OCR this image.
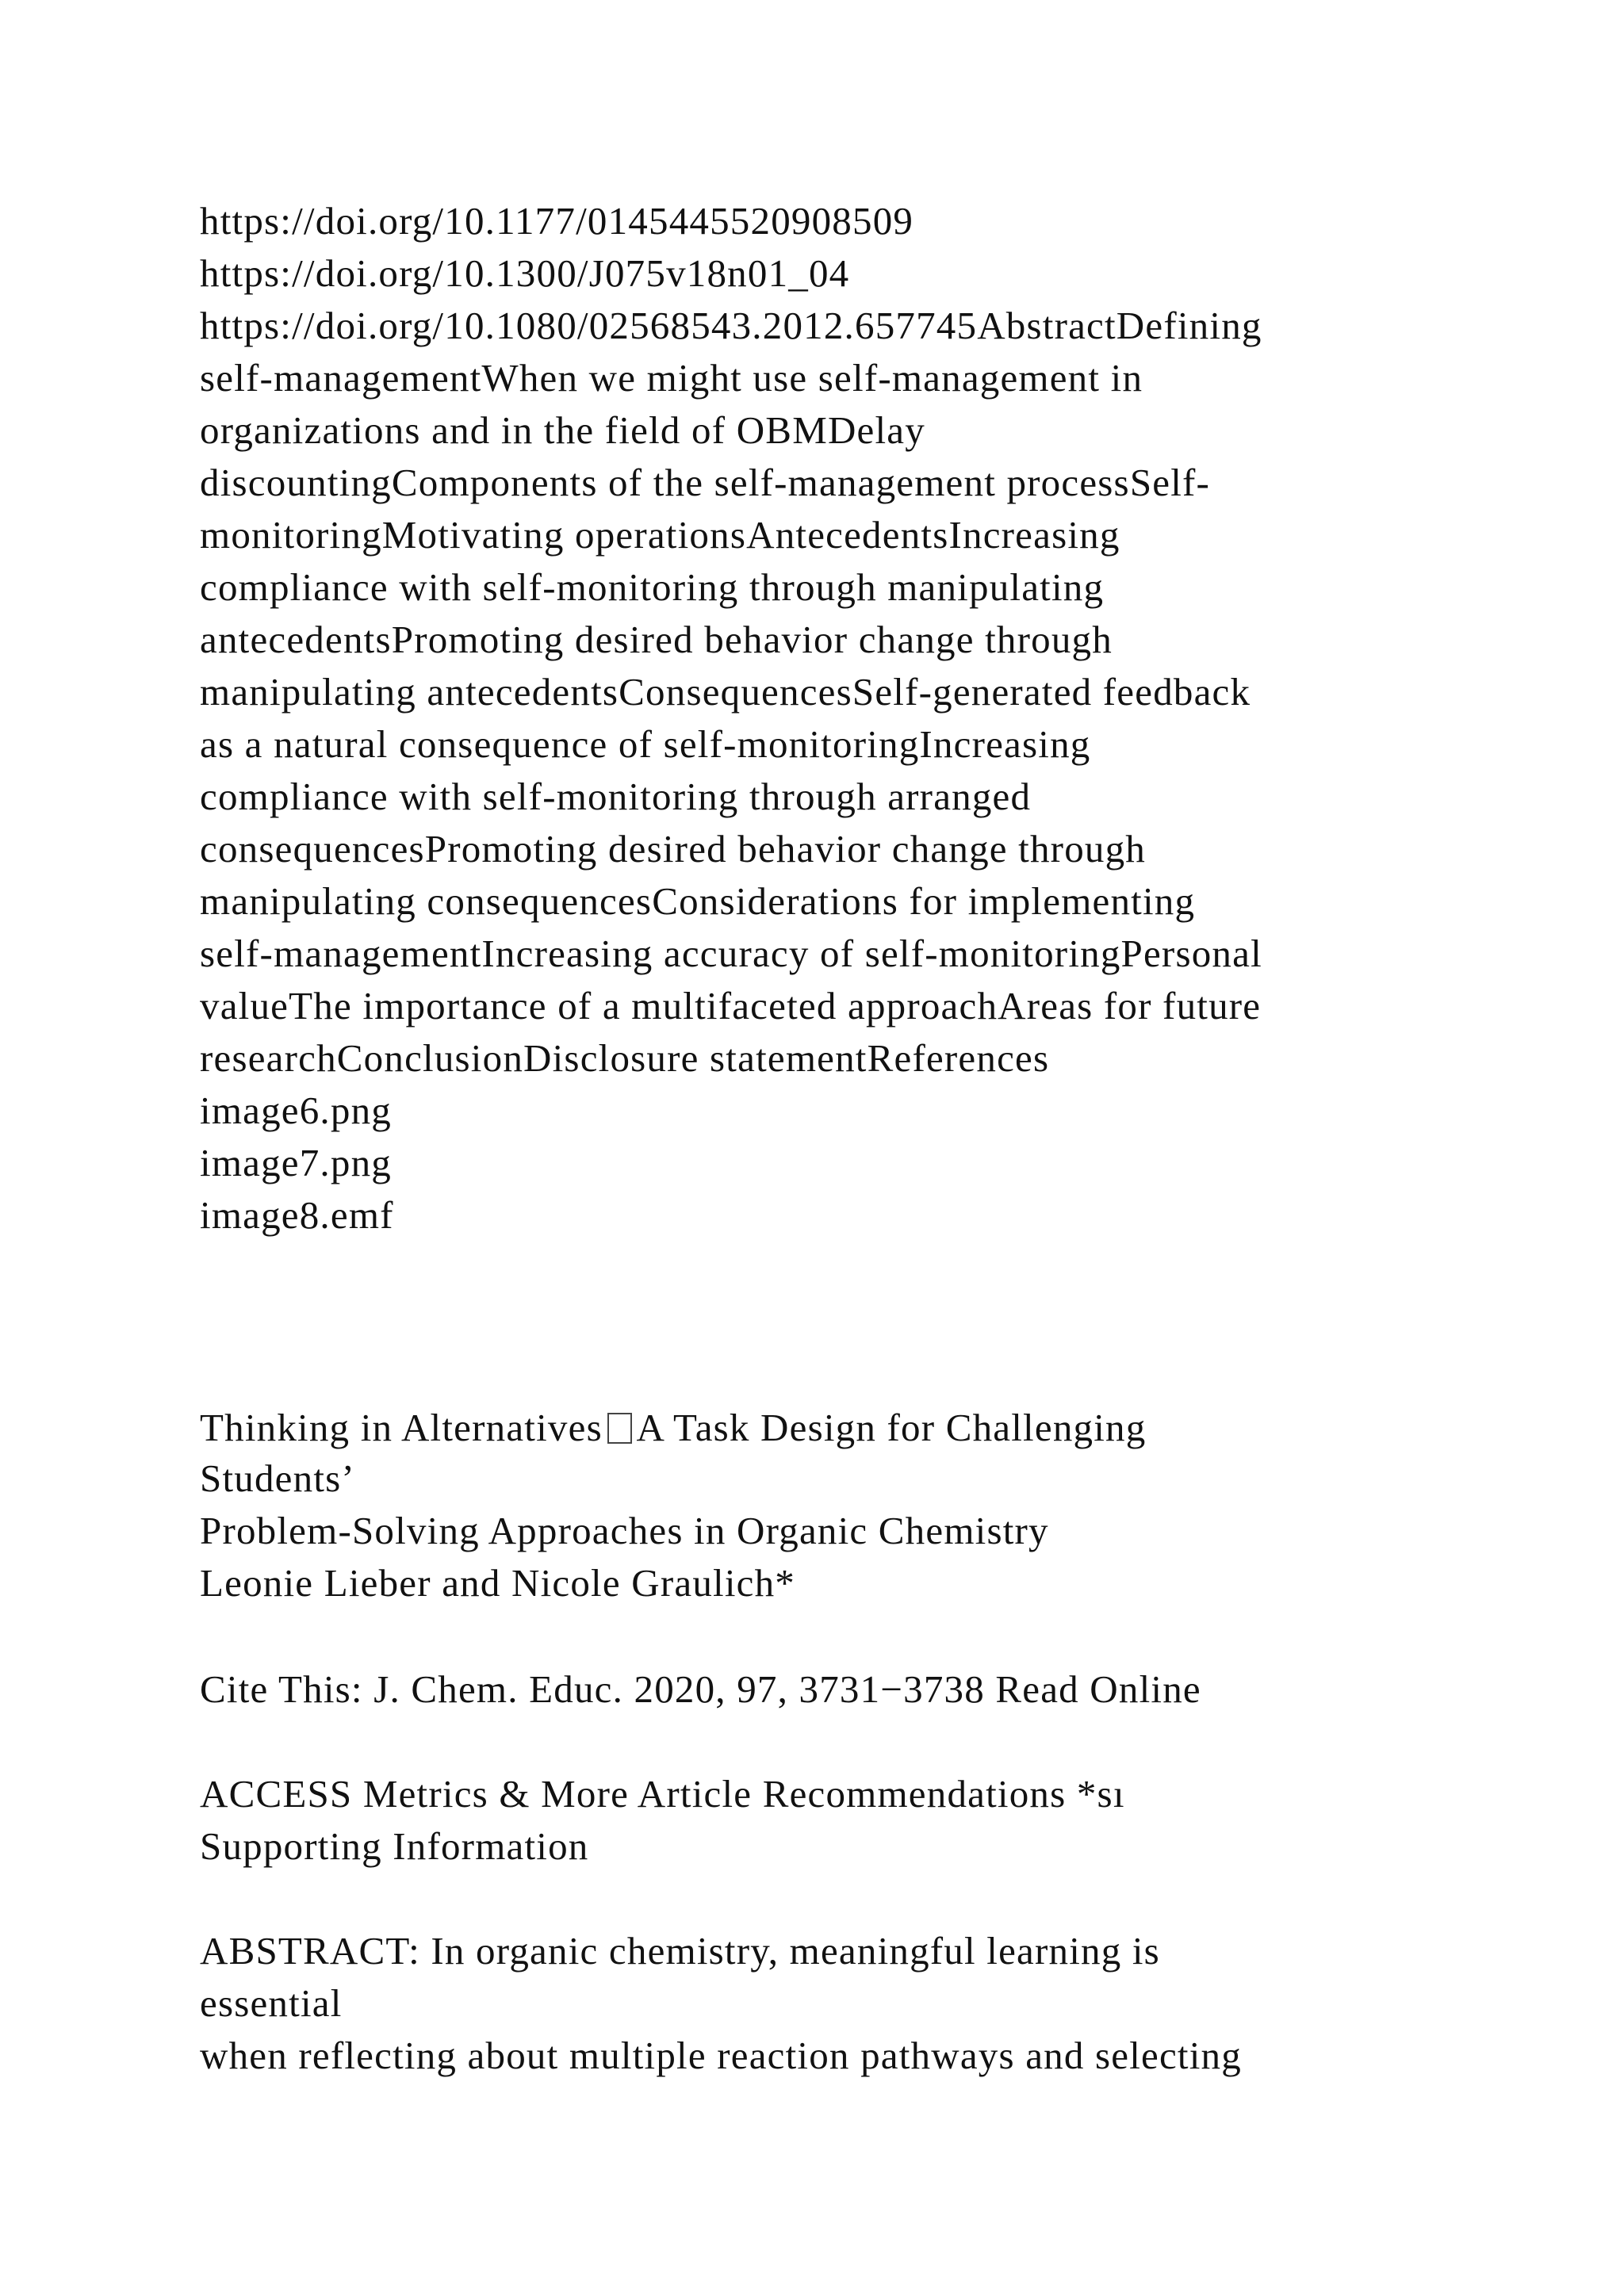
https://doi.org/10.1177/0145445520908509
https://doi.org/10.1300/J075v18n01_04
https://doi.org/10.1080/02568543.2012.657745AbstractDefining
self-managementWhen we might use self-management in
organizations and in the field of OBMDelay
discountingComponents of the self-management processSelf-
monitoringMotivating operationsAntecedentsIncreasing
compliance with self-monitoring through manipulating
antecedentsPromoting desired behavior change through
manipulating antecedentsConsequencesSelf-generated feedback
as a natural consequence of self-monitoringIncreasing
compliance with self-monitoring through arranged
consequencesPromoting desired behavior change through
manipulating consequencesConsiderations for implementing
self-managementIncreasing accuracy of self-monitoringPersonal
valueThe importance of a multifaceted approachAreas for future
researchConclusionDisclosure statementReferences
image6.png
image7.png
image8.emf
Thinking in Alternatives A Task Design for Challenging
Students’
Problem-Solving Approaches in Organic Chemistry
Leonie Lieber and Nicole Graulich*
Cite This: J. Chem. Educ. 2020, 97, 3731−3738 Read Online
ACCESS Metrics & More Article Recommendations *sı
Supporting Information
ABSTRACT: In organic chemistry, meaningful learning is
essential
when reflecting about multiple reaction pathways and selecting
